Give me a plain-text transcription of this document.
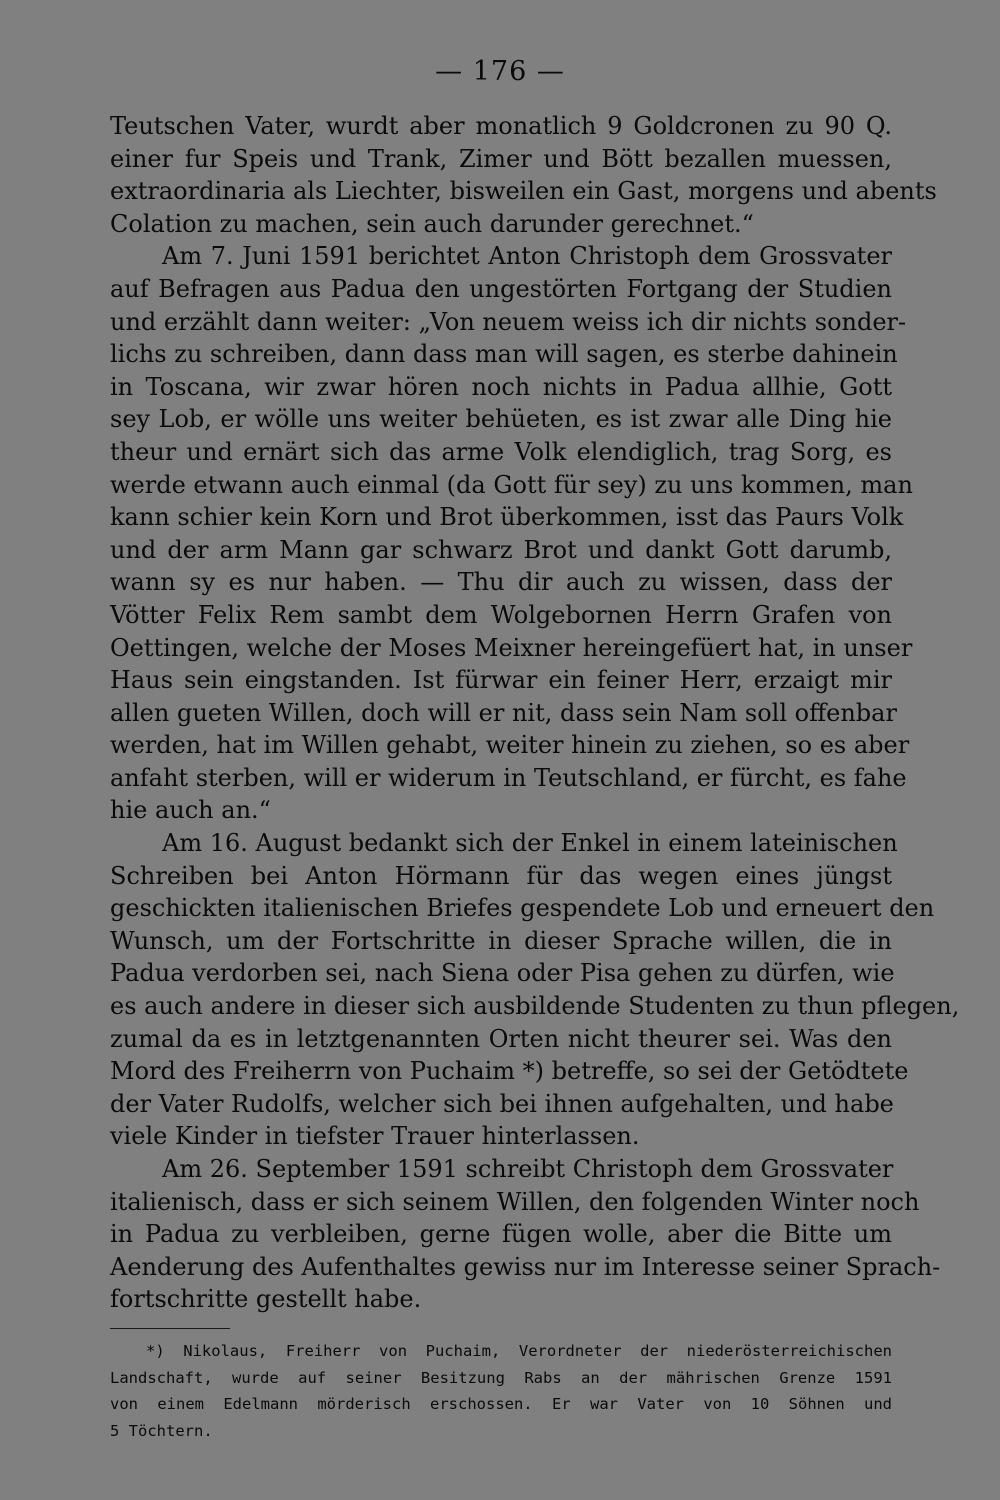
— 176 —
Teutschen Vater, wurdt aber monatlich 9 Goldcronen zu 90 Q.
einer fur Speis und Trank, Zimer und Bött bezallen muessen,
extraordinaria als Liechter, bisweilen ein Gast, morgens und abents
Colation zu machen, sein auch darunder gerechnet.“
Am 7. Juni 1591 berichtet Anton Christoph dem Grossvater
auf Befragen aus Padua den ungestörten Fortgang der Studien
und erzählt dann weiter: „Von neuem weiss ich dir nichts sonder-
lichs zu schreiben, dann dass man will sagen, es sterbe dahinein
in Toscana, wir zwar hören noch nichts in Padua allhie, Gott
sey Lob, er wölle uns weiter behüeten, es ist zwar alle Ding hie
theur und ernärt sich das arme Volk elendiglich, trag Sorg, es
werde etwann auch einmal (da Gott für sey) zu uns kommen, man
kann schier kein Korn und Brot überkommen, isst das Paurs Volk
und der arm Mann gar schwarz Brot und dankt Gott darumb,
wann sy es nur haben. — Thu dir auch zu wissen, dass der
Vötter Felix Rem sambt dem Wolgebornen Herrn Grafen von
Oettingen, welche der Moses Meixner hereingefüert hat, in unser
Haus sein eingstanden. Ist fürwar ein feiner Herr, erzaigt mir
allen gueten Willen, doch will er nit, dass sein Nam soll offenbar
werden, hat im Willen gehabt, weiter hinein zu ziehen, so es aber
anfaht sterben, will er widerum in Teutschland, er fürcht, es fahe
hie auch an.“
Am 16. August bedankt sich der Enkel in einem lateinischen
Schreiben bei Anton Hörmann für das wegen eines jüngst
geschickten italienischen Briefes gespendete Lob und erneuert den
Wunsch, um der Fortschritte in dieser Sprache willen, die in
Padua verdorben sei, nach Siena oder Pisa gehen zu dürfen, wie
es auch andere in dieser sich ausbildende Studenten zu thun pflegen,
zumal da es in letztgenannten Orten nicht theurer sei. Was den
Mord des Freiherrn von Puchaim *) betreffe, so sei der Getödtete
der Vater Rudolfs, welcher sich bei ihnen aufgehalten, und habe
viele Kinder in tiefster Trauer hinterlassen.
Am 26. September 1591 schreibt Christoph dem Grossvater
italienisch, dass er sich seinem Willen, den folgenden Winter noch
in Padua zu verbleiben, gerne fügen wolle, aber die Bitte um
Aenderung des Aufenthaltes gewiss nur im Interesse seiner Sprach-
fortschritte gestellt habe.
*) Nikolaus, Freiherr von Puchaim, Verordneter der niederösterreichischen
Landschaft, wurde auf seiner Besitzung Rabs an der mährischen Grenze 1591
von einem Edelmann mörderisch erschossen. Er war Vater von 10 Söhnen und
5 Töchtern.
